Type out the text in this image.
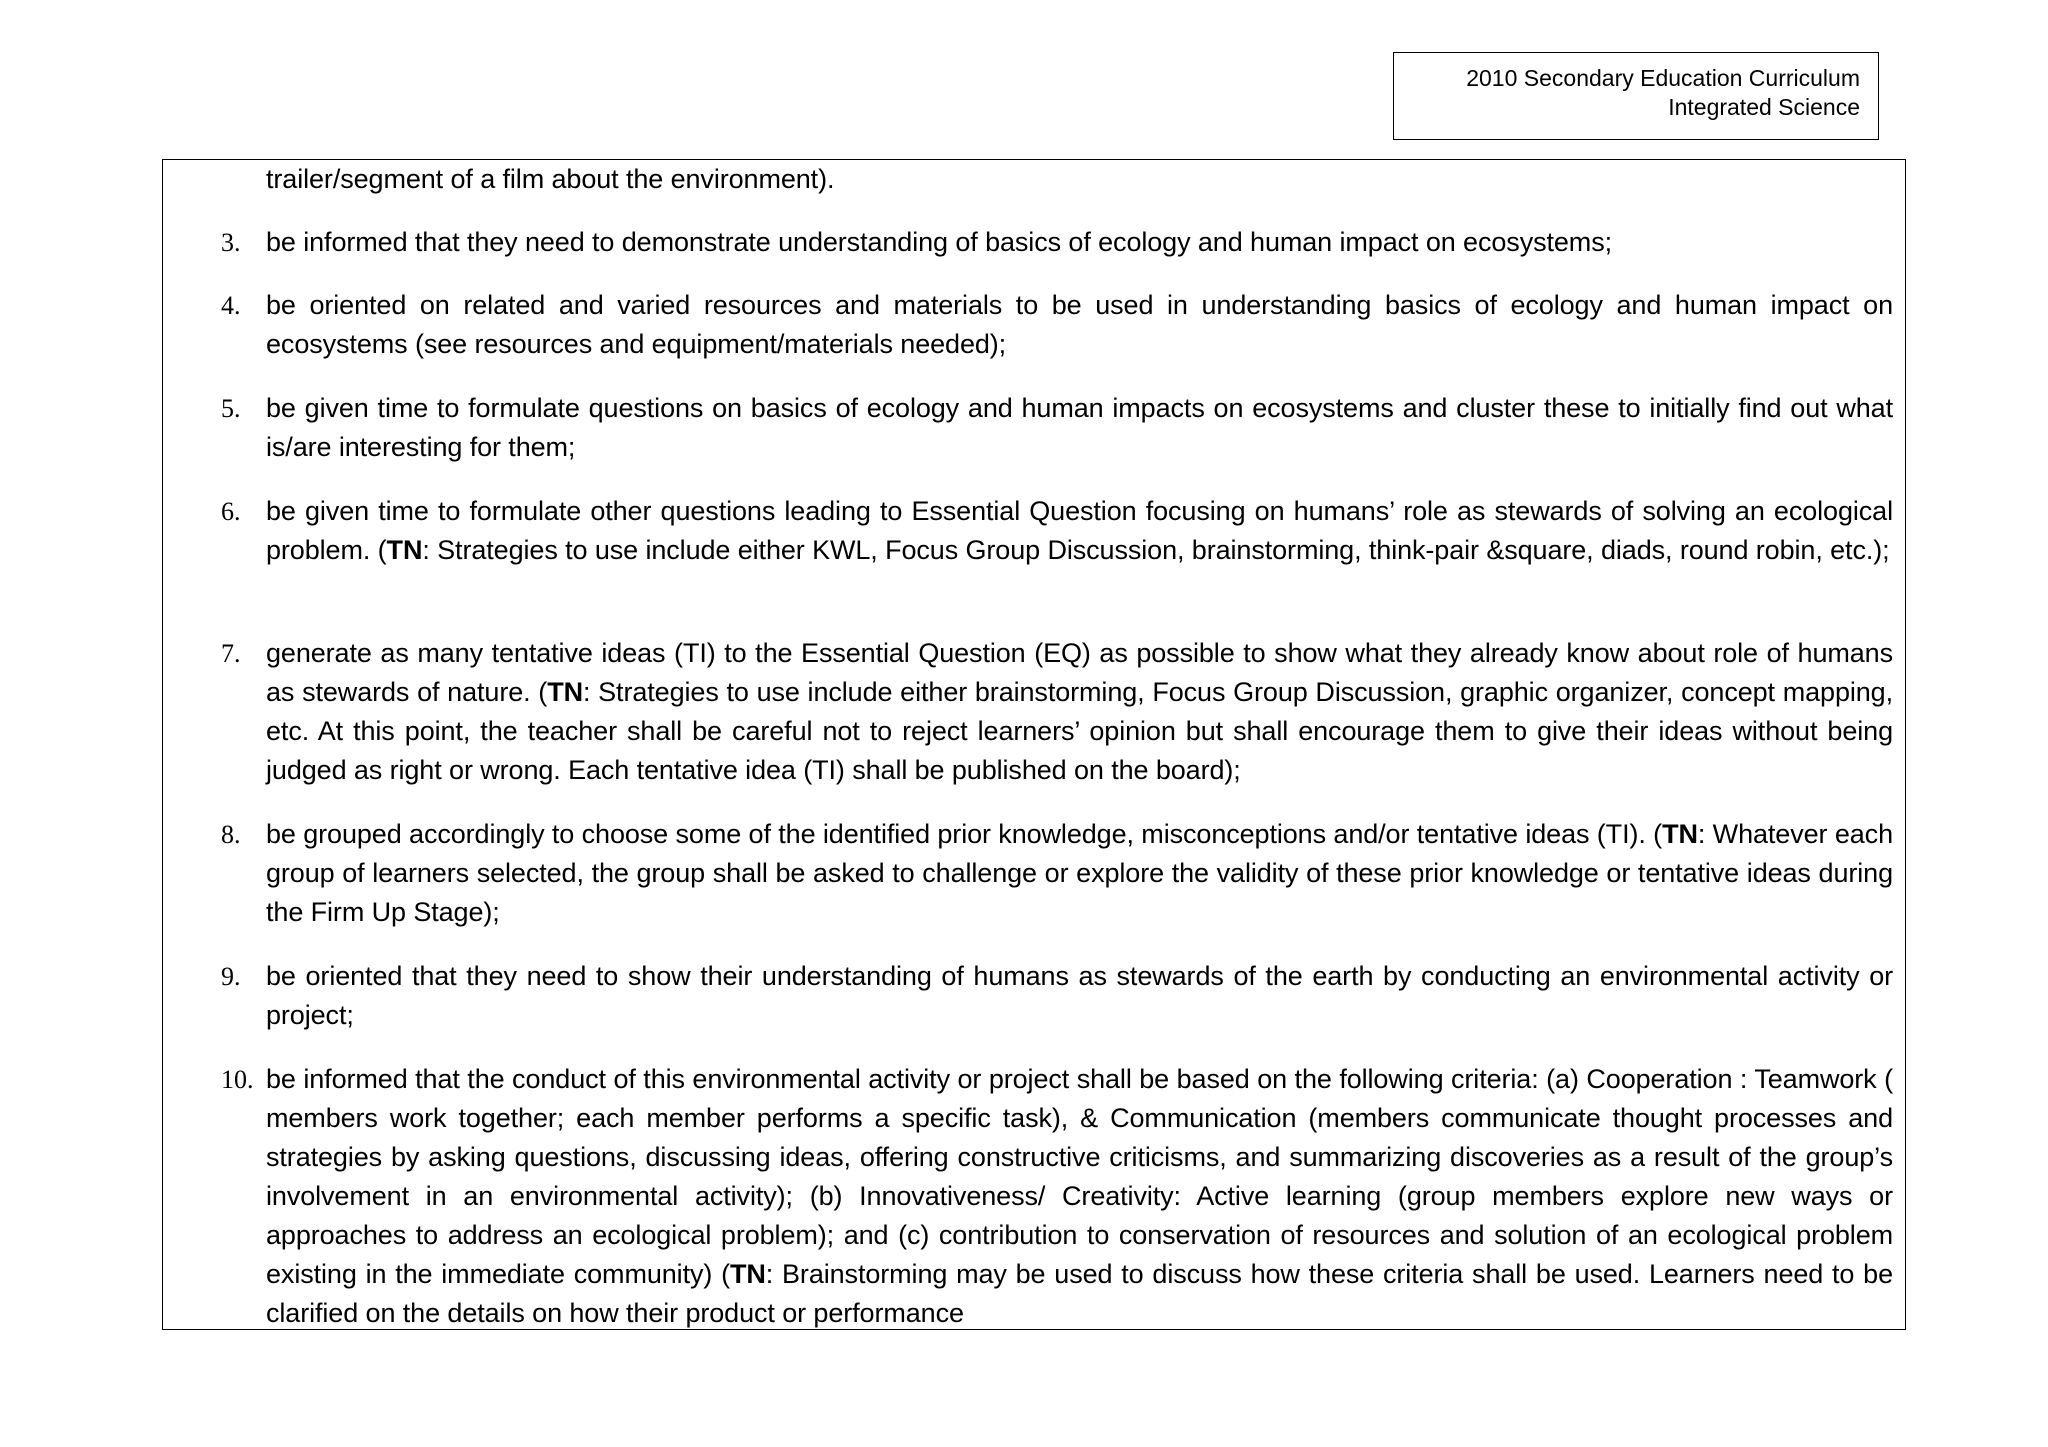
2010 Secondary Education Curriculum
Integrated Science
trailer/segment of a film about the environment).
3. be informed that they need to demonstrate understanding of basics of ecology and human impact on ecosystems;
4. be oriented on related and varied resources and materials to be used in understanding basics of ecology and human impact on ecosystems (see resources and equipment/materials needed);
5. be given time to formulate questions on basics of ecology and human impacts on ecosystems and cluster these to initially find out what is/are interesting for them;
6. be given time to formulate other questions leading to Essential Question focusing on humans’ role as stewards of solving an ecological problem. (TN: Strategies to use include either KWL, Focus Group Discussion, brainstorming, think-pair &square, diads, round robin, etc.);
7. generate as many tentative ideas (TI) to the Essential Question (EQ) as possible to show what they already know about role of humans as stewards of nature. (TN: Strategies to use include either brainstorming, Focus Group Discussion, graphic organizer, concept mapping, etc. At this point, the teacher shall be careful not to reject learners’ opinion but shall encourage them to give their ideas without being judged as right or wrong. Each tentative idea (TI) shall be published on the board);
8. be grouped accordingly to choose some of the identified prior knowledge, misconceptions and/or tentative ideas (TI). (TN: Whatever each group of learners selected, the group shall be asked to challenge or explore the validity of these prior knowledge or tentative ideas during the Firm Up Stage);
9. be oriented that they need to show their understanding of humans as stewards of the earth by conducting an environmental activity or project;
10. be informed that the conduct of this environmental activity or project shall be based on the following criteria: (a) Cooperation : Teamwork ( members work together; each member performs a specific task), & Communication (members communicate thought processes and strategies by asking questions, discussing ideas, offering constructive criticisms, and summarizing discoveries as a result of the group’s involvement in an environmental activity); (b) Innovativeness/ Creativity: Active learning (group members explore new ways or approaches to address an ecological problem); and (c) contribution to conservation of resources and solution of an ecological problem existing in the immediate community) (TN: Brainstorming may be used to discuss how these criteria shall be used. Learners need to be clarified on the details on how their product or performance
